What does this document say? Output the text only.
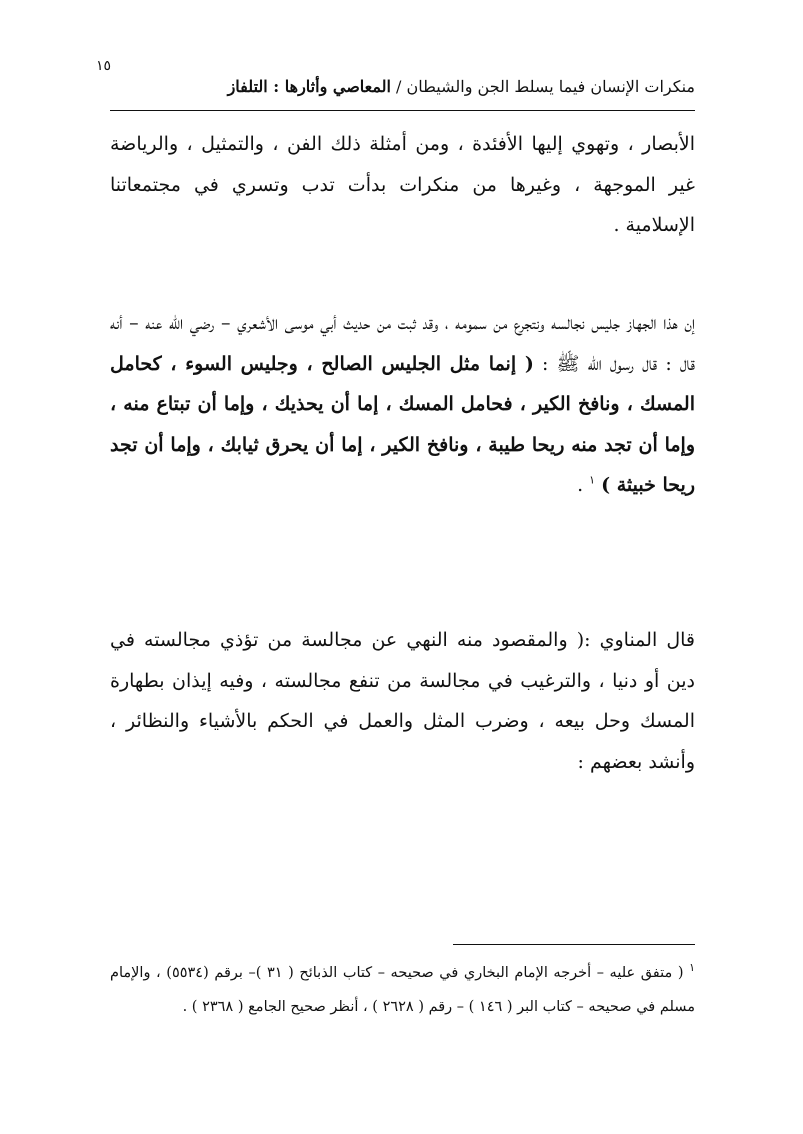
١٥
منكرات الإنسان فيما يسلط الجن والشيطان / المعاصي وأثارها : التلفاز
الأبصار ، وتهوي إليها الأفئدة ، ومن أمثلة ذلك الفن ، والتمثيل ، والرياضة غير الموجهة ، وغيرها من منكرات بدأت تدب وتسري في مجتمعاتنا الإسلامية .
إن هذا الجهاز جليس نجالسه ونتجرع من سمومه ، وقد ثبت من حديث أبي موسى الأشعري – رضي الله عنه – أنه قال : قال رسول الله ﷺ : ( إنما مثل الجليس الصالح ، وجليس السوء ، كحامل المسك ، ونافخ الكير ، فحامل المسك ، إما أن يحذيك ، وإما أن تبتاع منه ، وإما أن تجد منه ريحا طيبة ، ونافخ الكير ، إما أن يحرق ثيابك ، وإما أن تجد ريحا خبيثة ) $^١$ .
قال المناوي :( والمقصود منه النهي عن مجالسة من تؤذي مجالسته في دين أو دنيا ، والترغيب في مجالسة من تنفع مجالسته ، وفيه إيذان بطهارة المسك وحل بيعه ، وضرب المثل والعمل في الحكم بالأشياء والنظائر ، وأنشد بعضهم :
$^١$ ( متفق عليه – أخرجه الإمام البخاري في صحيحه – كتاب الذبائح ( ٣١ )– برقم (٥٥٣٤) ، والإمام مسلم في صحيحه – كتاب البر ( ١٤٦ ) – رقم ( ٢٦٢٨ ) ، أنظر صحيح الجامع ( ٢٣٦٨ ) .
